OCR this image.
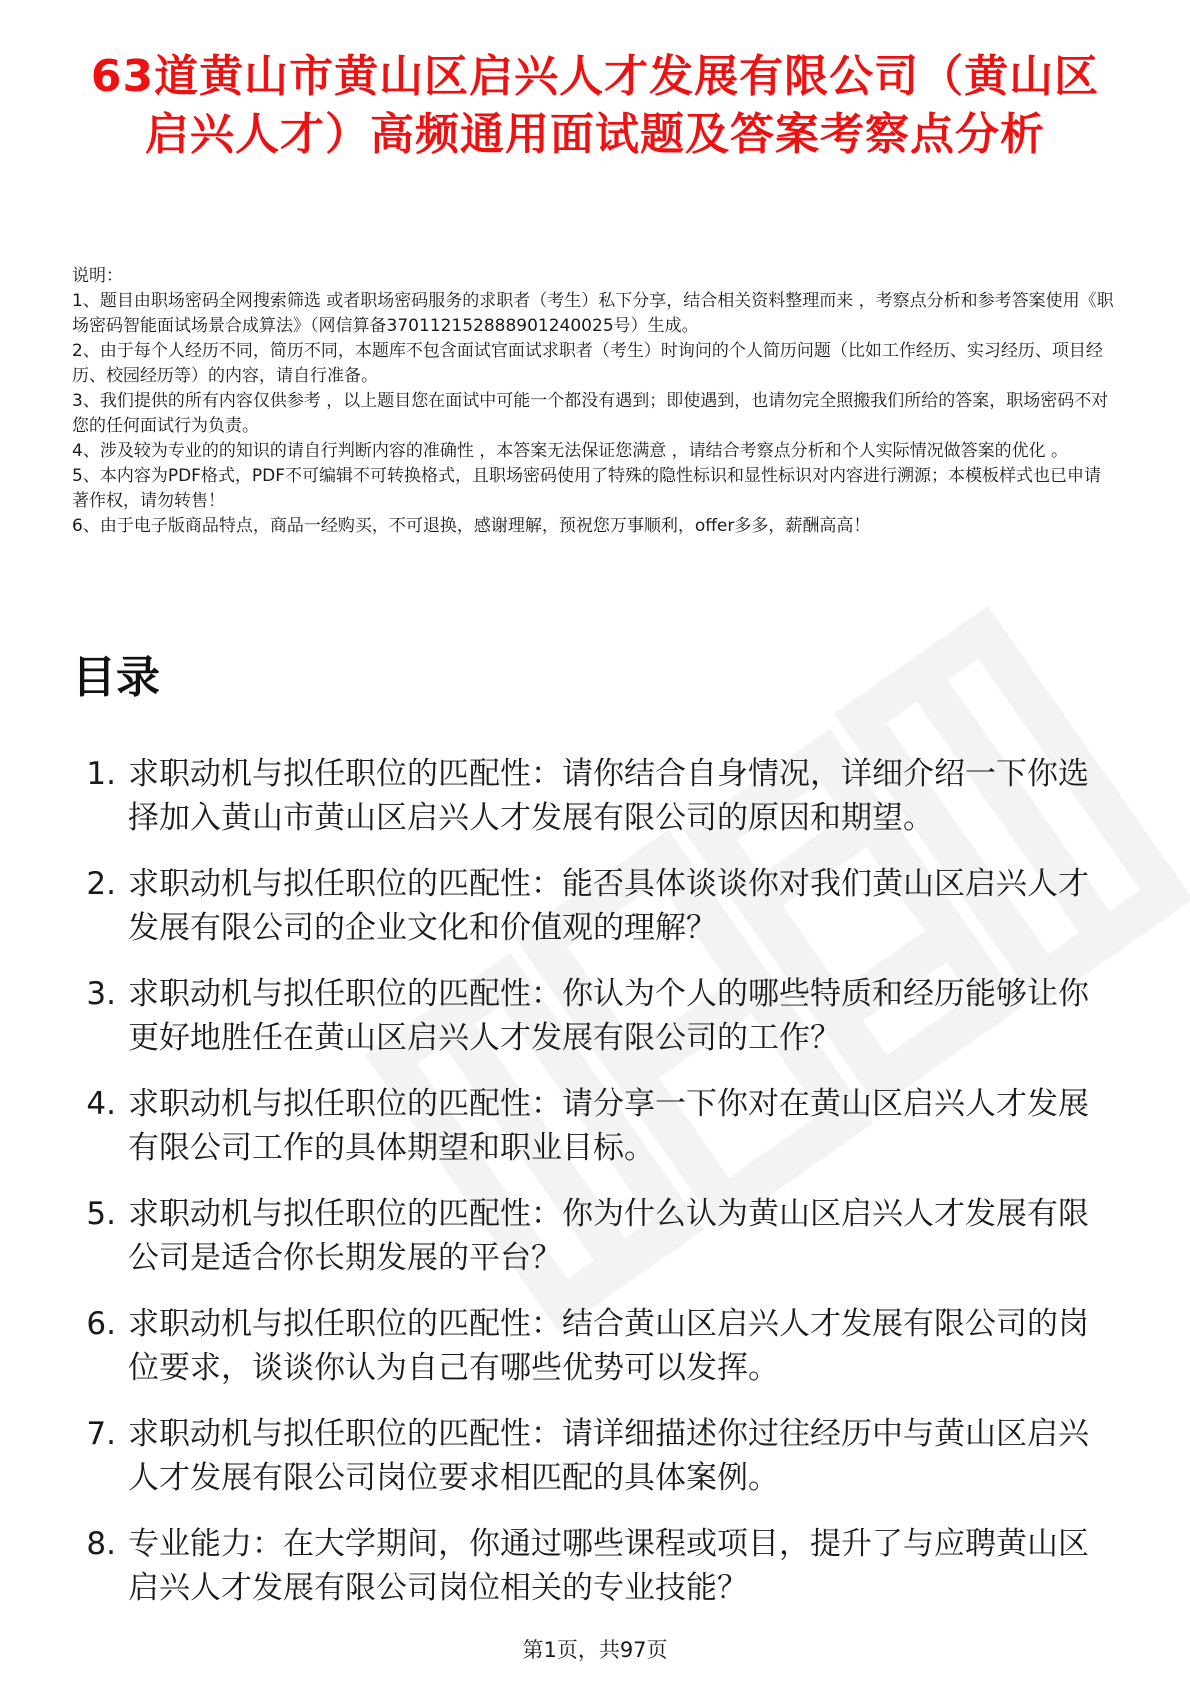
63道黄山市黄山区启兴人才发展有限公司（黄山区启兴人才）高频通用面试题及答案考察点分析

说明：

1、题目由职场密码全网搜索筛选 或者职场密码服务的求职者（考生）私下分享，结合相关资料整理而来 ，考察点分析和参考答案使用《职场密码智能面试场景合成算法》（网信算备370112152888901240025号）生成。

2、由于每个人经历不同，简历不同，本题库不包含面试官面试求职者（考生）时询问的个人简历问题（比如工作经历、实习经历、项目经历、校园经历等）的内容，请自行准备。

3、我们提供的所有内容仅供参考 ，以上题目您在面试中可能一个都没有遇到；即使遇到，也请勿完全照搬我们所给的答案，职场密码不对您的任何面试行为负责。

4、涉及较为专业的的知识的请自行判断内容的准确性 ，本答案无法保证您满意 ，请结合考察点分析和个人实际情况做答案的优化 。

5、本内容为PDF格式，PDF不可编辑不可转换格式，且职场密码使用了特殊的隐性标识和显性标识对内容进行溯源；本模板样式也已申请著作权，请勿转售！

6、由于电子版商品特点，商品一经购买，不可退换，感谢理解，预祝您万事顺利，offer多多，薪酬高高！

目录
1. 求职动机与拟任职位的匹配性：请你结合自身情况，详细介绍一下你选择加入黄山市黄山区启兴人才发展有限公司的原因和期望。
2. 求职动机与拟任职位的匹配性：能否具体谈谈你对我们黄山区启兴人才发展有限公司的企业文化和价值观的理解？
3. 求职动机与拟任职位的匹配性：你认为个人的哪些特质和经历能够让你更好地胜任在黄山区启兴人才发展有限公司的工作？
4. 求职动机与拟任职位的匹配性：请分享一下你对在黄山区启兴人才发展有限公司工作的具体期望和职业目标。
5. 求职动机与拟任职位的匹配性：你为什么认为黄山区启兴人才发展有限公司是适合你长期发展的平台？
6. 求职动机与拟任职位的匹配性：结合黄山区启兴人才发展有限公司的岗位要求，谈谈你认为自己有哪些优势可以发挥。
7. 求职动机与拟任职位的匹配性：请详细描述你过往经历中与黄山区启兴人才发展有限公司岗位要求相匹配的具体案例。
8. 专业能力：在大学期间，你通过哪些课程或项目，提升了与应聘黄山区启兴人才发展有限公司岗位相关的专业技能？
第1页，共97页
